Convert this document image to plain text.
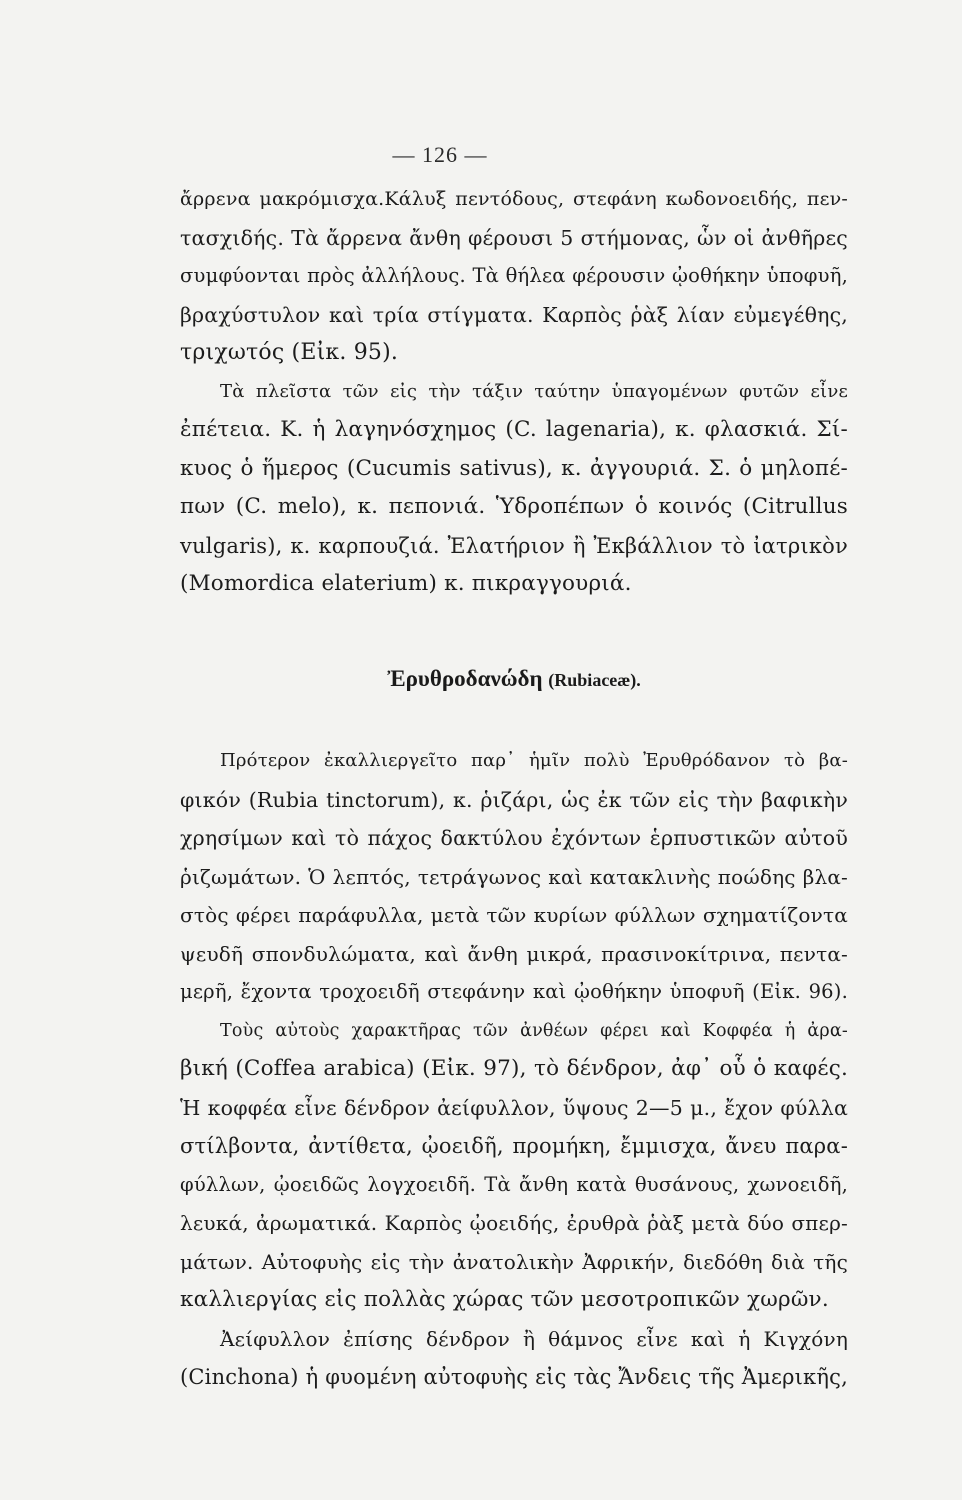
— 126 —
ἄρρενα μακρόμισχα.Κάλυξ πεντόδους, στεφάνη κωδονοειδής, πεν-
τασχιδής. Τὰ ἄρρενα ἄνθη φέρουσι 5 στήμονας, ὧν οἱ ἀνθῆρες
συμφύονται πρὸς ἀλλήλους. Τὰ θήλεα φέρουσιν ᾠοθήκην ὑποφυῆ,
βραχύστυλον καὶ τρία στίγματα. Καρπὸς ῥὰξ λίαν εὐμεγέθης,
τριχωτός (Εἰκ. 95).
Τὰ πλεῖστα τῶν εἰς τὴν τάξιν ταύτην ὑπαγομένων φυτῶν εἶνε
ἐπέτεια. Κ. ἡ λαγηνόσχημος (C. lagenaria), κ. φλασκιά. Σί-
κυος ὁ ἥμερος (Cucumis sativus), κ. ἀγγουριά. Σ. ὁ μηλοπέ-
πων (C. melo), κ. πεπονιά. Ὑδροπέπων ὁ κοινός (Citrullus
vulgaris), κ. καρπουζιά. Ἐλατήριον ἢ Ἐκβάλλιον τὸ ἰατρικὸν
(Momordica elaterium) κ. πικραγγουριά.
Ἐρυθροδανώδη (Rubiaceæ).
Πρότερον ἐκαλλιεργεῖτο παρ᾽ ἡμῖν πολὺ Ἐρυθρόδανον τὸ βα-
φικόν (Rubia tinctorum), κ. ῥιζάρι, ὡς ἐκ τῶν εἰς τὴν βαφικὴν
χρησίμων καὶ τὸ πάχος δακτύλου ἐχόντων ἑρπυστικῶν αὐτοῦ
ῥιζωμάτων. Ὁ λεπτός, τετράγωνος καὶ κατακλινὴς ποώδης βλα-
στὸς φέρει παράφυλλα, μετὰ τῶν κυρίων φύλλων σχηματίζοντα
ψευδῆ σπονδυλώματα, καὶ ἄνθη μικρά, πρασινοκίτρινα, πεντα-
μερῆ, ἔχοντα τροχοειδῆ στεφάνην καὶ ᾠοθήκην ὑποφυῆ (Εἰκ. 96).
Τοὺς αὐτοὺς χαρακτῆρας τῶν ἀνθέων φέρει καὶ Κοφφέα ἡ ἀρα-
βική (Coffea arabica) (Εἰκ. 97), τὸ δένδρον, ἀφ᾽ οὗ ὁ καφές.
Ἡ κοφφέα εἶνε δένδρον ἀείφυλλον, ὕψους 2—5 μ., ἔχον φύλλα
στίλβοντα, ἀντίθετα, ᾠοειδῆ, προμήκη, ἔμμισχα, ἄνευ παρα-
φύλλων, ᾠοειδῶς λογχοειδῆ. Τὰ ἄνθη κατὰ θυσάνους, χωνοειδῆ,
λευκά, ἀρωματικά. Καρπὸς ᾠοειδής, ἐρυθρὰ ῥὰξ μετὰ δύο σπερ-
μάτων. Αὐτοφυὴς εἰς τὴν ἀνατολικὴν Ἀφρικήν, διεδόθη διὰ τῆς
καλλιεργίας εἰς πολλὰς χώρας τῶν μεσοτροπικῶν χωρῶν.
Ἀείφυλλον ἐπίσης δένδρον ἢ θάμνος εἶνε καὶ ἡ Κιγχόνη
(Cinchona) ἡ φυομένη αὐτοφυὴς εἰς τὰς Ἄνδεις τῆς Ἀμερικῆς,
